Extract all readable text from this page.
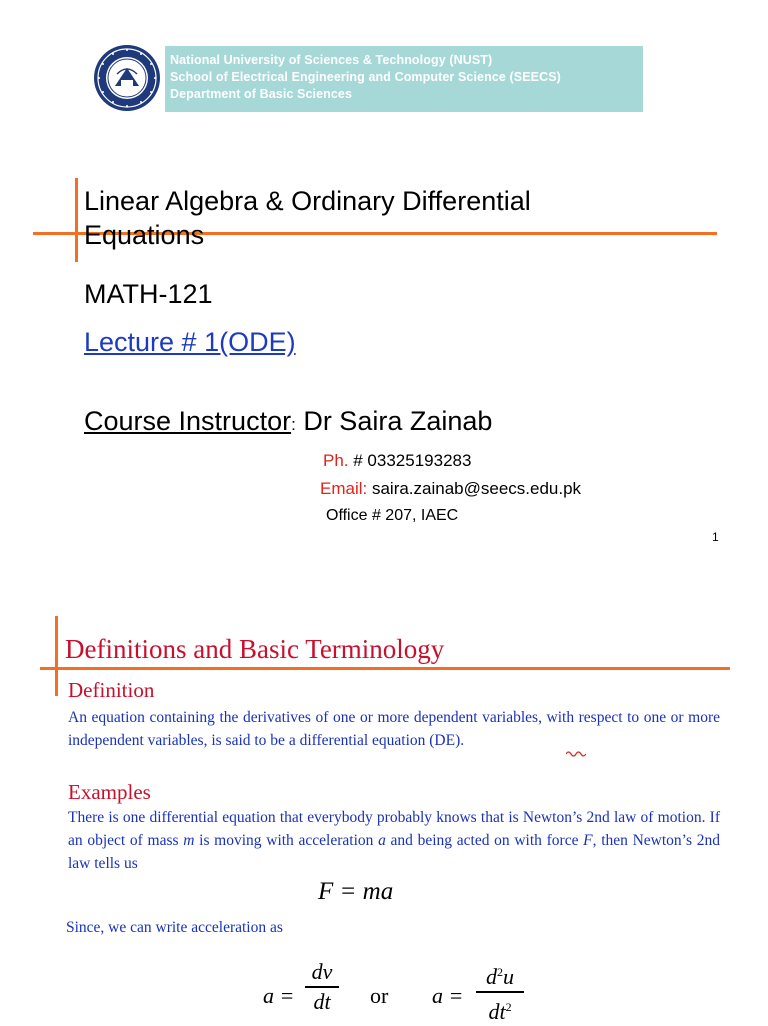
National University of Sciences & Technology (NUST)
School of Electrical Engineering and Computer Science (SEECS)
Department of Basic Sciences
Linear Algebra & Ordinary Differential Equations
MATH-121
Lecture # 1(ODE)
Course Instructor: Dr Saira Zainab
Ph. # 03325193283
Email: saira.zainab@seecs.edu.pk
Office # 207, IAEC
1
Definitions and Basic Terminology
Definition
An equation containing the derivatives of one or more dependent variables, with respect to one or more independent variables, is said to be a differential equation (DE).
Examples
There is one differential equation that everybody probably knows that is Newton’s 2nd law of motion. If an object of mass m is moving with acceleration a and being acted on with force F, then Newton’s 2nd law tells us
F = ma
Since, we can write acceleration as
a =
dv
dt	or a =
$d^2u$
$dt^2$
